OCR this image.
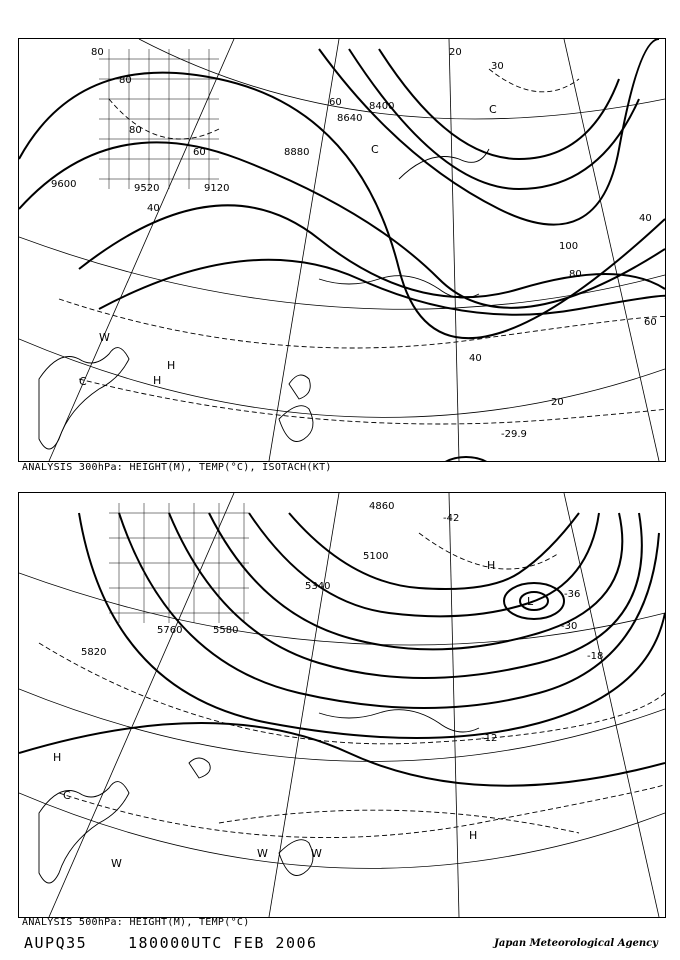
9600	9520	9120
8880
8640
8400
80
80
80
60
40
20
60
40
100
80
60
40
20
30
-29.9
C
C
W
C
H
H
ANALYSIS 300hPa: HEIGHT(M), TEMP(°C), ISOTACH(KT)
5820
5760	5580
5340
5100
4860
-42
-36
-30
-18
-12
H
L
H
C
W
W	W
H
ANALYSIS 500hPa: HEIGHT(M), TEMP(°C)
AUPQ35	180000UTC FEB 2006	Japan Meteorological Agency
